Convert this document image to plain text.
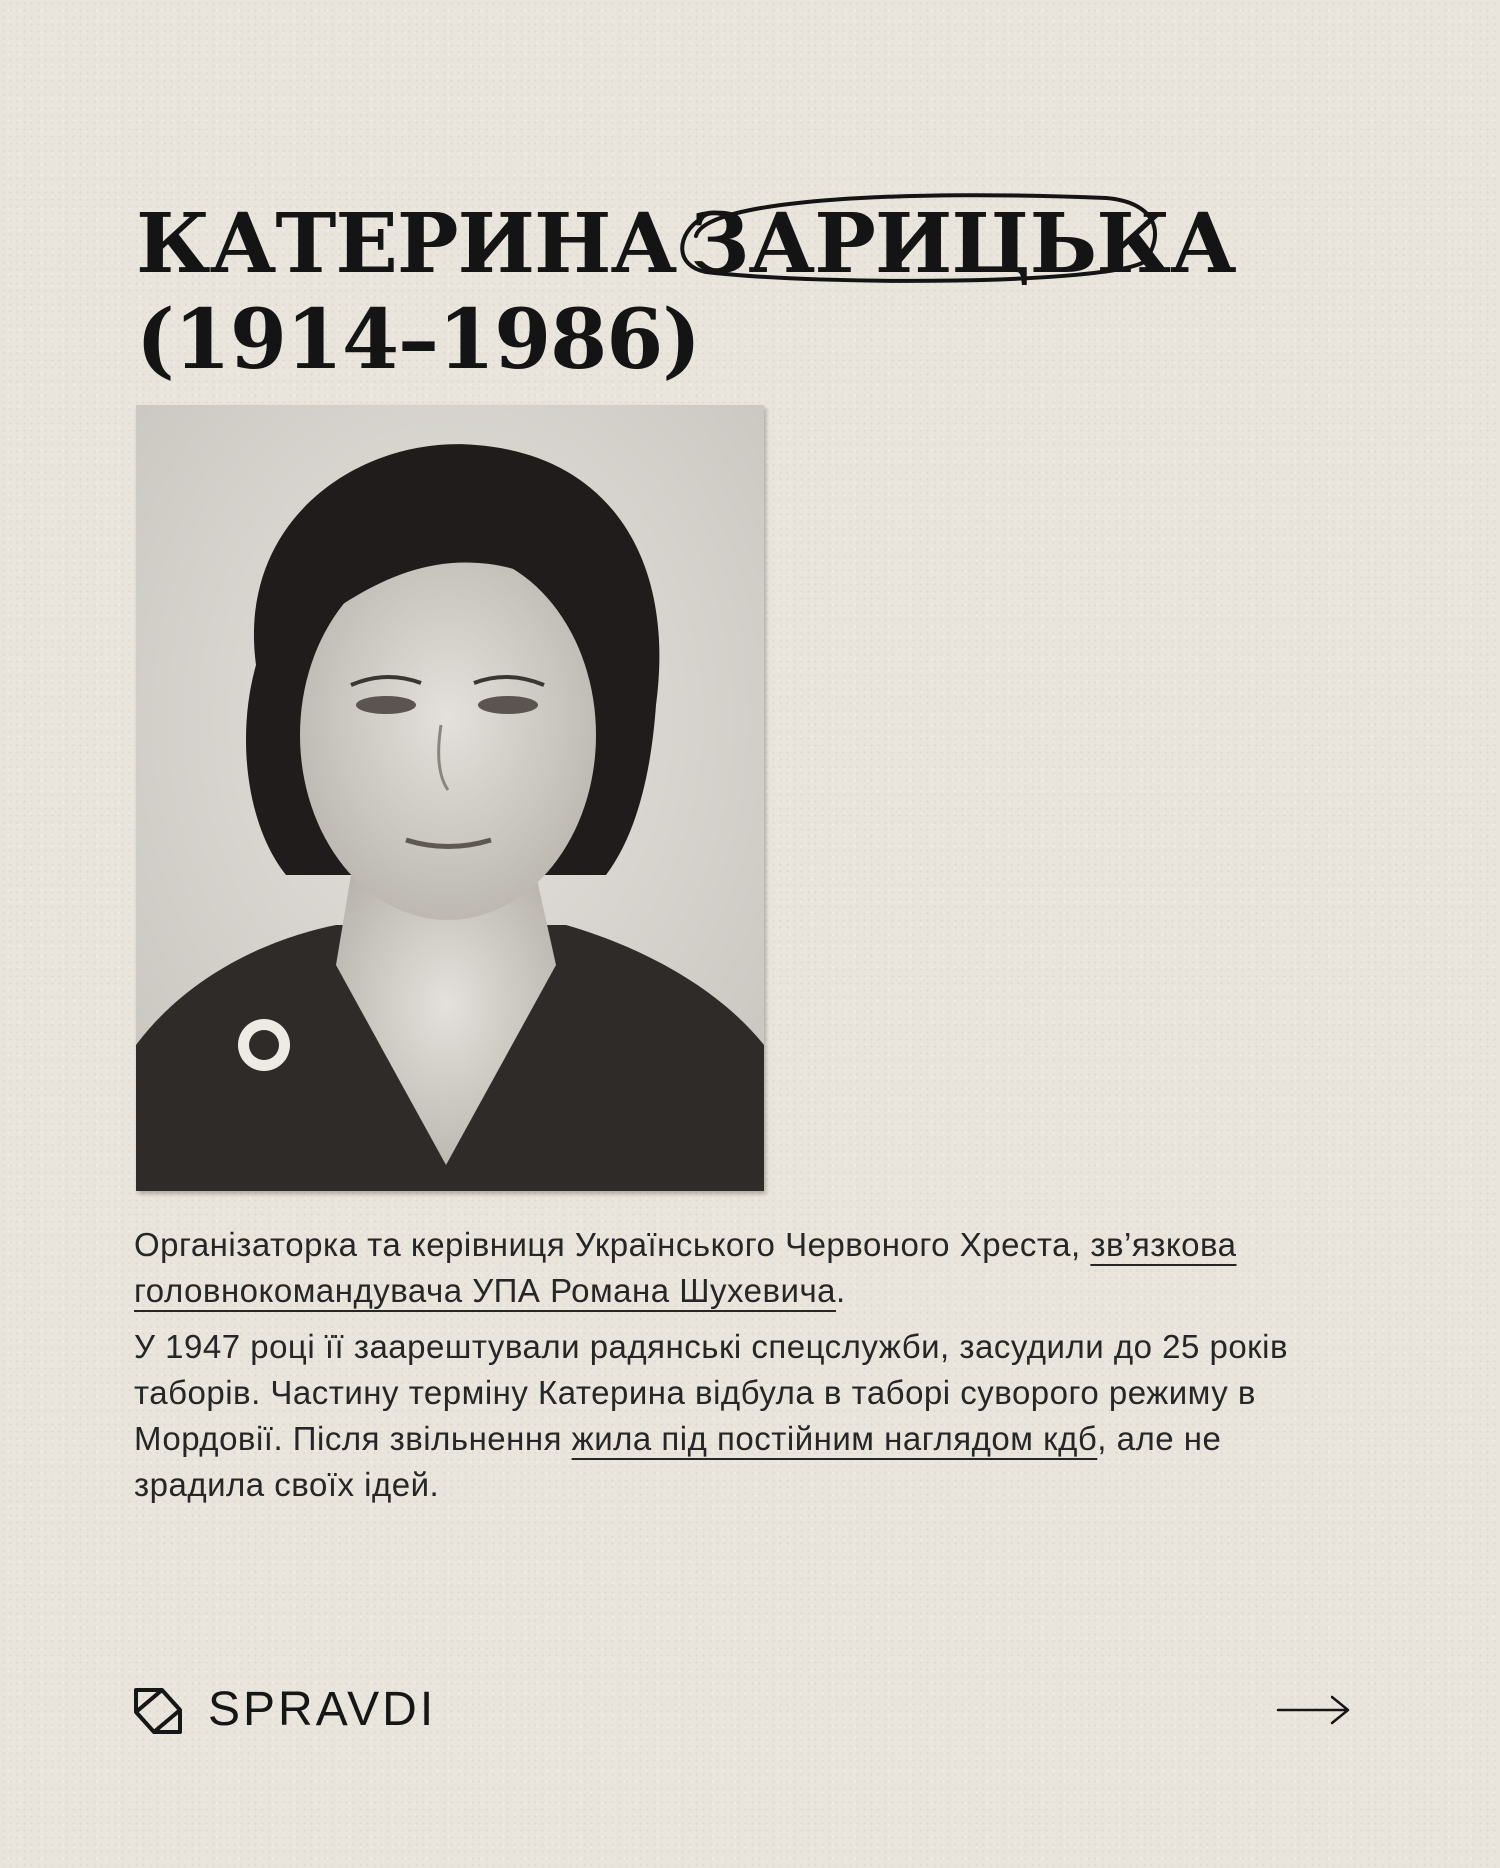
КАТЕРИНА ЗАРИЦЬКА
(1914–1986)

Організаторка та керівниця Українського Червоного Хреста, зв’язкова головнокомандувача УПА Романа Шухевича.

У 1947 році її заарештували радянські спецслужби, засудили до 25 років таборів. Частину терміну Катерина відбула в таборі суворого режиму в Мордовії. Після звільнення жила під постійним наглядом кдб, але не зрадила своїх ідей.

SPRAVDI
